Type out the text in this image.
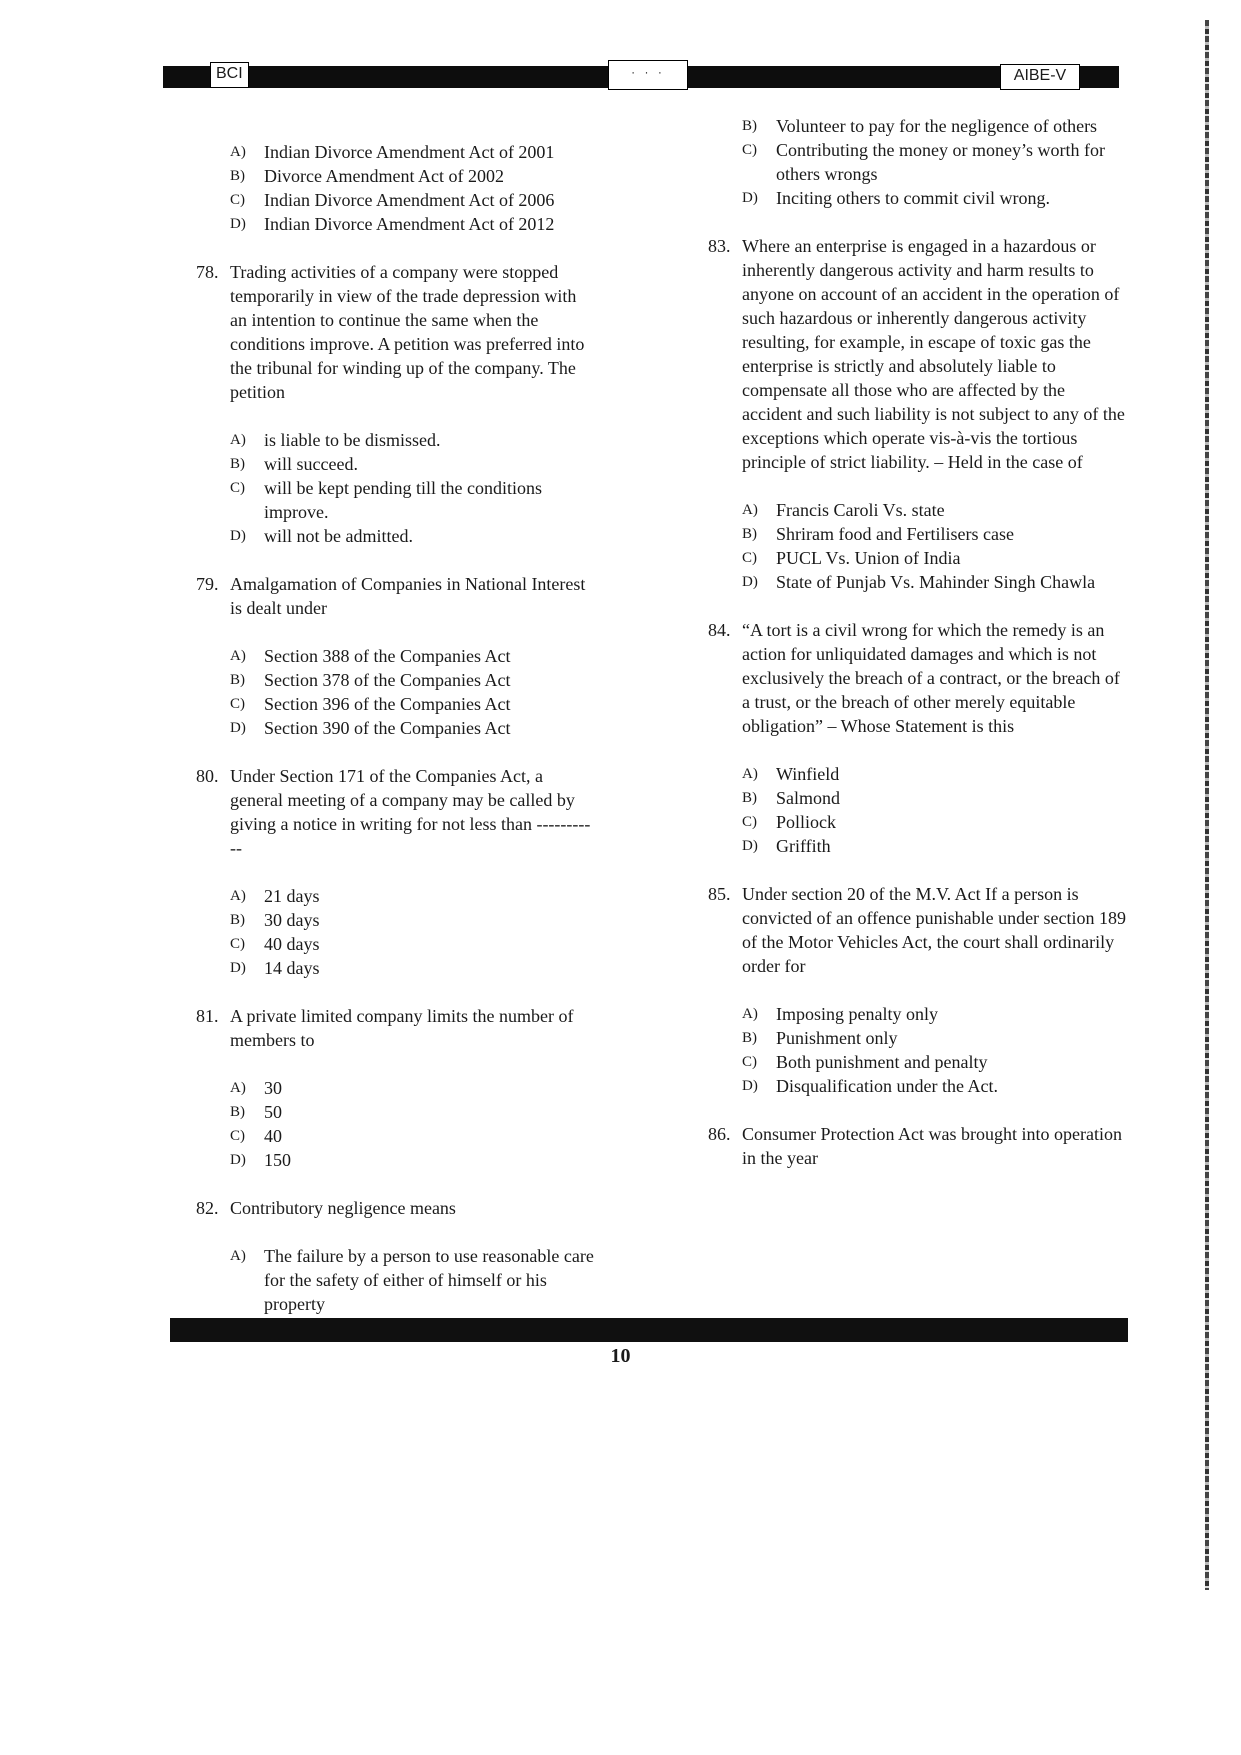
BCI	· · ·	AIBE-V
A)	Indian Divorce Amendment Act of 2001
B)	Divorce Amendment Act of 2002
C)	Indian Divorce Amendment Act of 2006
D)	Indian Divorce Amendment Act of 2012
78. Trading activities of a company were stopped temporarily in view of the trade depression with an intention to continue the same when the conditions improve. A petition was preferred into the tribunal for winding up of the company. The petition
A)	is liable to be dismissed.
B)	will succeed.
C)	will be kept pending till the conditions improve.
D)	will not be admitted.
79. Amalgamation of Companies in National Interest is dealt under
A)	Section 388 of the Companies Act
B)	Section 378 of the Companies Act
C)	Section 396 of the Companies Act
D)	Section 390 of the Companies Act
80. Under Section 171 of the Companies Act, a general meeting of a company may be called by giving a notice in writing for not less than -----------
A)	21 days
B)	30 days
C)	40 days
D)	14 days
81. A private limited company limits the number of members to
A)	30
B)	50
C)	40
D)	150
82. Contributory negligence means
A)	The failure by a person to use reasonable care for the safety of either of himself or his property
B)	Volunteer to pay for the negligence of others
C)	Contributing the money or money’s worth for others wrongs
D)	Inciting others to commit civil wrong.
83. Where an enterprise is engaged in a hazardous or inherently dangerous activity and harm results to anyone on account of an accident in the operation of such hazardous or inherently dangerous activity resulting, for example, in escape of toxic gas the enterprise is strictly and absolutely liable to compensate all those who are affected by the accident and such liability is not subject to any of the exceptions which operate vis-à-vis the tortious principle of strict liability. – Held in the case of
A)	Francis Caroli Vs. state
B)	Shriram food and Fertilisers case
C)	PUCL Vs. Union of India
D)	State of Punjab Vs. Mahinder Singh Chawla
84. “A tort is a civil wrong for which the remedy is an action for unliquidated damages and which is not exclusively the breach of a contract, or the breach of a trust, or the breach of other merely equitable obligation” – Whose Statement is this
A)	Winfield
B)	Salmond
C)	Polliock
D)	Griffith
85. Under section 20 of the M.V. Act If a person is convicted of an offence punishable under section 189 of the Motor Vehicles Act, the court shall ordinarily order for
A)	Imposing penalty only
B)	Punishment only
C)	Both punishment and penalty
D)	Disqualification under the Act.
86. Consumer Protection Act was brought into operation in the year
10
